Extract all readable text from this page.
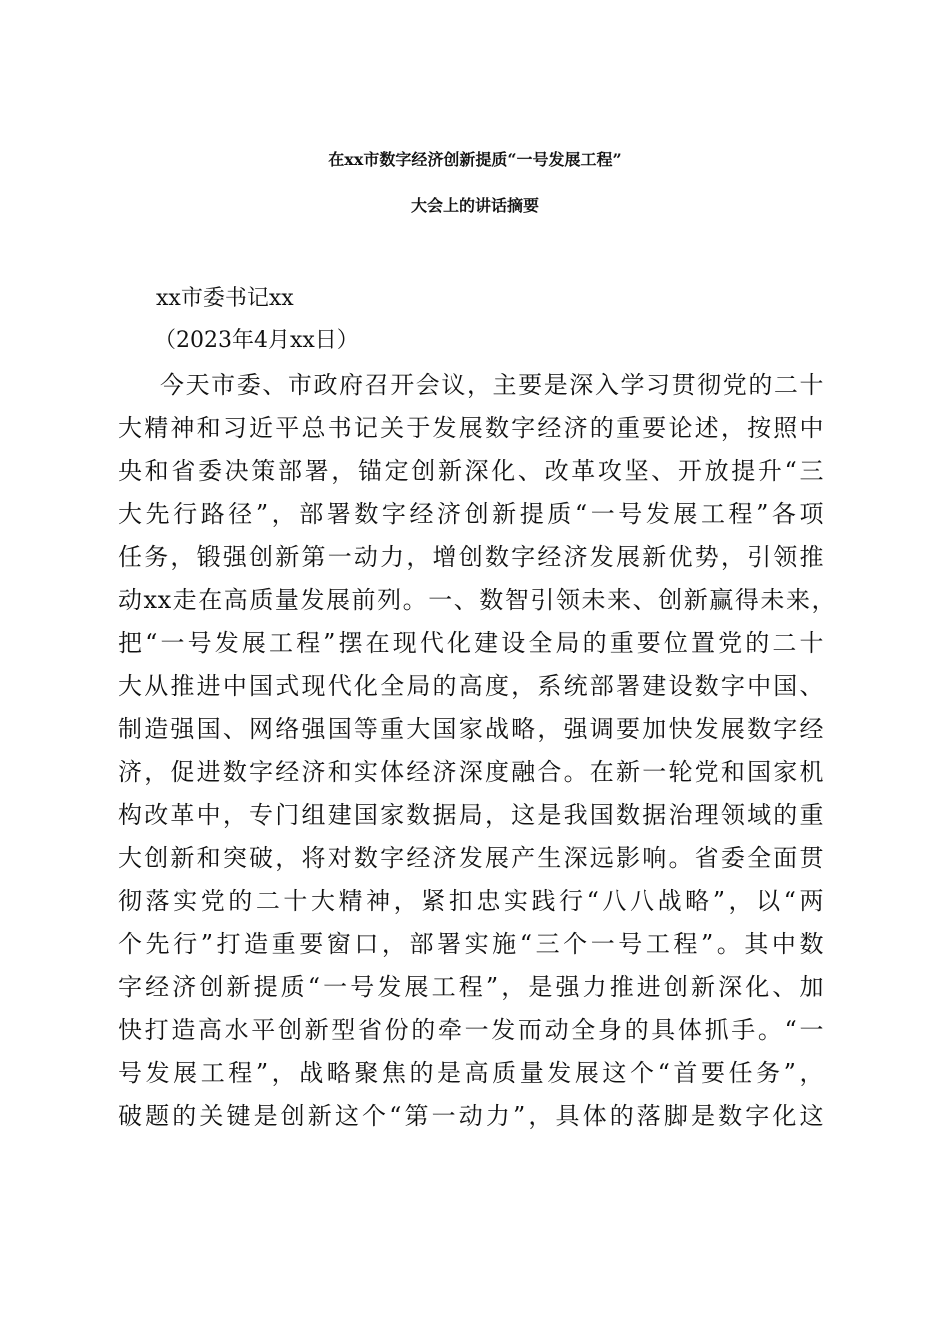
在xx市数字经济创新提质“一号发展工程”
大会上的讲话摘要
xx市委书记xx
（2023年4月xx日）
今天市委、市政府召开会议，主要是深入学习贯彻党的二十
大精神和习近平总书记关于发展数字经济的重要论述，按照中
央和省委决策部署，锚定创新深化、改革攻坚、开放提升“三
大先行路径”，部署数字经济创新提质“一号发展工程”各项
任务，锻强创新第一动力，增创数字经济发展新优势，引领推
动xx走在高质量发展前列。一、数智引领未来、创新赢得未来，
把“一号发展工程”摆在现代化建设全局的重要位置党的二十
大从推进中国式现代化全局的高度，系统部署建设数字中国、
制造强国、网络强国等重大国家战略，强调要加快发展数字经
济，促进数字经济和实体经济深度融合。在新一轮党和国家机
构改革中，专门组建国家数据局，这是我国数据治理领域的重
大创新和突破，将对数字经济发展产生深远影响。省委全面贯
彻落实党的二十大精神，紧扣忠实践行“八八战略”，以“两
个先行”打造重要窗口，部署实施“三个一号工程”。其中数
字经济创新提质“一号发展工程”，是强力推进创新深化、加
快打造高水平创新型省份的牵一发而动全身的具体抓手。“一
号发展工程”，战略聚焦的是高质量发展这个“首要任务”，
破题的关键是创新这个“第一动力”，具体的落脚是数字化这
